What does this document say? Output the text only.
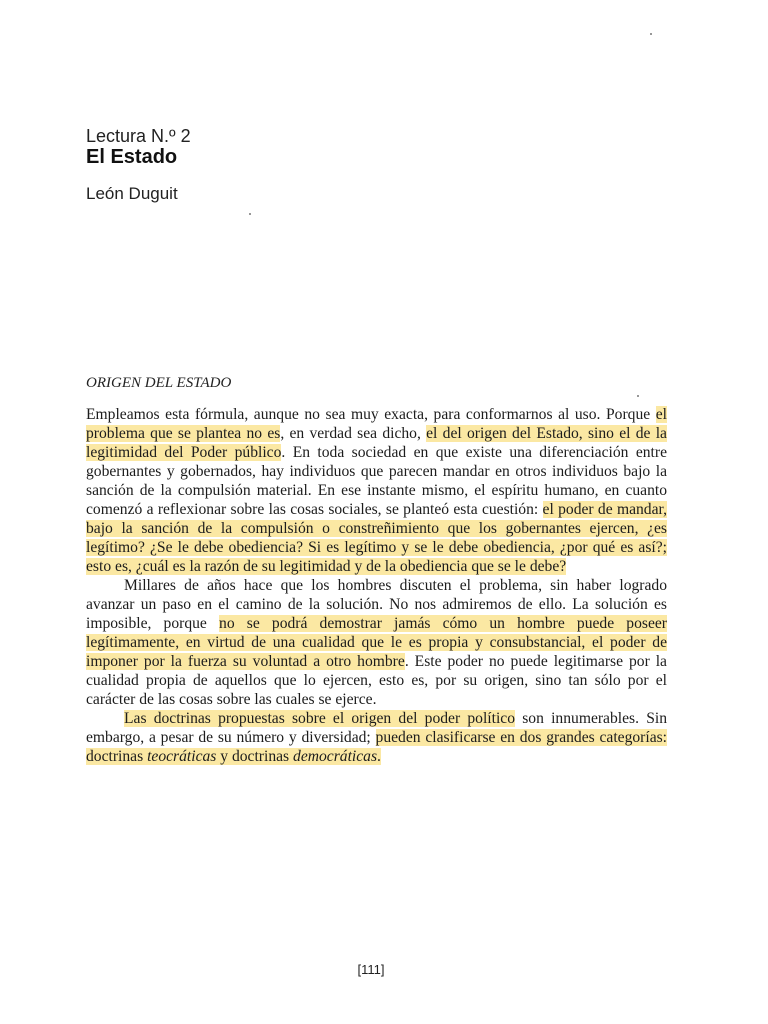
Lectura N.º 2
El Estado
León Duguit
ORIGEN DEL ESTADO

Empleamos esta fórmula, aunque no sea muy exacta, para conformarnos al uso. Porque el problema que se plantea no es, en verdad sea dicho, el del origen del Estado, sino el de la legitimidad del Poder público. En toda sociedad en que existe una diferenciación entre gobernantes y gobernados, hay individuos que parecen mandar en otros individuos bajo la sanción de la compulsión material. En ese instante mismo, el espíritu humano, en cuanto comenzó a reflexionar sobre las cosas sociales, se planteó esta cuestión: el poder de mandar, bajo la sanción de la compulsión o constreñimiento que los gobernantes ejercen, ¿es legítimo? ¿Se le debe obediencia? Si es legítimo y se le debe obediencia, ¿por qué es así?; esto es, ¿cuál es la razón de su legitimidad y de la obediencia que se le debe?

Millares de años hace que los hombres discuten el problema, sin haber logrado avanzar un paso en el camino de la solución. No nos admiremos de ello. La solución es imposible, porque no se podrá demostrar jamás cómo un hombre puede poseer legítimamente, en virtud de una cualidad que le es propia y consubstancial, el poder de imponer por la fuerza su voluntad a otro hombre. Este poder no puede legitimarse por la cualidad propia de aquellos que lo ejercen, esto es, por su origen, sino tan sólo por el carácter de las cosas sobre las cuales se ejerce.

Las doctrinas propuestas sobre el origen del poder político son innumerables. Sin embargo, a pesar de su número y diversidad; pueden clasificarse en dos grandes categorías: doctrinas teocráticas y doctrinas democráticas.

[111]
